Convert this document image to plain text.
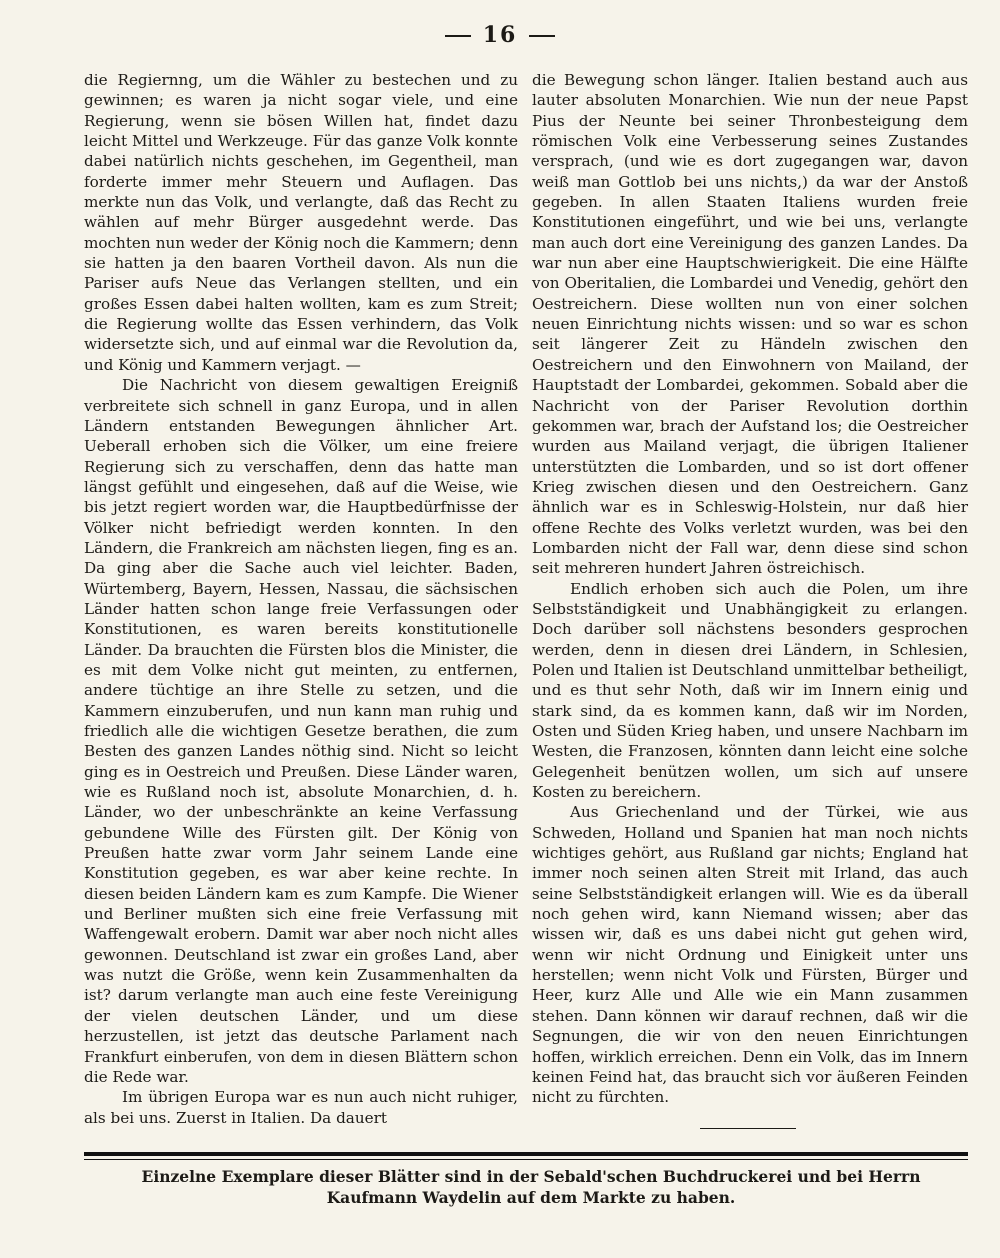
16

die Regiernng, um die Wähler zu bestechen und zu gewinnen; es waren ja nicht sogar viele, und eine Regierung, wenn sie bösen Willen hat, findet dazu leicht Mittel und Werkzeuge. Für das ganze Volk konnte dabei natürlich nichts geschehen, im Gegentheil, man forderte immer mehr Steuern und Auflagen. Das merkte nun das Volk, und verlangte, daß das Recht zu wählen auf mehr Bürger ausgedehnt werde. Das mochten nun weder der König noch die Kammern; denn sie hatten ja den baaren Vortheil davon. Als nun die Pariser aufs Neue das Verlangen stellten, und ein großes Essen dabei halten wollten, kam es zum Streit; die Regierung wollte das Essen verhindern, das Volk widersetzte sich, und auf einmal war die Revolution da, und König und Kammern verjagt. —

Die Nachricht von diesem gewaltigen Ereigniß verbreitete sich schnell in ganz Europa, und in allen Ländern entstanden Bewegungen ähnlicher Art. Ueberall erhoben sich die Völker, um eine freiere Regierung sich zu verschaffen, denn das hatte man längst gefühlt und eingesehen, daß auf die Weise, wie bis jetzt regiert worden war, die Hauptbedürfnisse der Völker nicht befriedigt werden konnten. In den Ländern, die Frankreich am nächsten liegen, fing es an. Da ging aber die Sache auch viel leichter. Baden, Würtemberg, Bayern, Hessen, Nassau, die sächsischen Länder hatten schon lange freie Verfassungen oder Konstitutionen, es waren bereits konstitutionelle Länder. Da brauchten die Fürsten blos die Minister, die es mit dem Volke nicht gut meinten, zu entfernen, andere tüchtige an ihre Stelle zu setzen, und die Kammern einzuberufen, und nun kann man ruhig und friedlich alle die wichtigen Gesetze berathen, die zum Besten des ganzen Landes nöthig sind. Nicht so leicht ging es in Oestreich und Preußen. Diese Länder waren, wie es Rußland noch ist, absolute Monarchien, d. h. Länder, wo der unbeschränkte an keine Verfassung gebundene Wille des Fürsten gilt. Der König von Preußen hatte zwar vorm Jahr seinem Lande eine Konstitution gegeben, es war aber keine rechte. In diesen beiden Ländern kam es zum Kampfe. Die Wiener und Berliner mußten sich eine freie Verfassung mit Waffengewalt erobern. Damit war aber noch nicht alles gewonnen. Deutschland ist zwar ein großes Land, aber was nutzt die Größe, wenn kein Zusammenhalten da ist? darum verlangte man auch eine feste Vereinigung der vielen deutschen Länder, und um diese herzustellen, ist jetzt das deutsche Parlament nach Frankfurt einberufen, von dem in diesen Blättern schon die Rede war.

Im übrigen Europa war es nun auch nicht ruhiger, als bei uns. Zuerst in Italien. Da dauert

die Bewegung schon länger. Italien bestand auch aus lauter absoluten Monarchien. Wie nun der neue Papst Pius der Neunte bei seiner Thronbesteigung dem römischen Volk eine Verbesserung seines Zustandes versprach, (und wie es dort zugegangen war, davon weiß man Gottlob bei uns nichts,) da war der Anstoß gegeben. In allen Staaten Italiens wurden freie Konstitutionen eingeführt, und wie bei uns, verlangte man auch dort eine Vereinigung des ganzen Landes. Da war nun aber eine Hauptschwierigkeit. Die eine Hälfte von Oberitalien, die Lombardei und Venedig, gehört den Oestreichern. Diese wollten nun von einer solchen neuen Einrichtung nichts wissen: und so war es schon seit längerer Zeit zu Händeln zwischen den Oestreichern und den Einwohnern von Mailand, der Hauptstadt der Lombardei, gekommen. Sobald aber die Nachricht von der Pariser Revolution dorthin gekommen war, brach der Aufstand los; die Oestreicher wurden aus Mailand verjagt, die übrigen Italiener unterstützten die Lombarden, und so ist dort offener Krieg zwischen diesen und den Oestreichern. Ganz ähnlich war es in Schleswig-Holstein, nur daß hier offene Rechte des Volks verletzt wurden, was bei den Lombarden nicht der Fall war, denn diese sind schon seit mehreren hundert Jahren östreichisch.

Endlich erhoben sich auch die Polen, um ihre Selbstständigkeit und Unabhängigkeit zu erlangen. Doch darüber soll nächstens besonders gesprochen werden, denn in diesen drei Ländern, in Schlesien, Polen und Italien ist Deutschland unmittelbar betheiligt, und es thut sehr Noth, daß wir im Innern einig und stark sind, da es kommen kann, daß wir im Norden, Osten und Süden Krieg haben, und unsere Nachbarn im Westen, die Franzosen, könnten dann leicht eine solche Gelegenheit benützen wollen, um sich auf unsere Kosten zu bereichern.

Aus Griechenland und der Türkei, wie aus Schweden, Holland und Spanien hat man noch nichts wichtiges gehört, aus Rußland gar nichts; England hat immer noch seinen alten Streit mit Irland, das auch seine Selbstständigkeit erlangen will. Wie es da überall noch gehen wird, kann Niemand wissen; aber das wissen wir, daß es uns dabei nicht gut gehen wird, wenn wir nicht Ordnung und Einigkeit unter uns herstellen; wenn nicht Volk und Fürsten, Bürger und Heer, kurz Alle und Alle wie ein Mann zusammen stehen. Dann können wir darauf rechnen, daß wir die Segnungen, die wir von den neuen Einrichtungen hoffen, wirklich erreichen. Denn ein Volk, das im Innern keinen Feind hat, das braucht sich vor äußeren Feinden nicht zu fürchten.

Einzelne Exemplare dieser Blätter sind in der Sebald'schen Buchdruckerei und bei Herrn Kaufmann Waydelin auf dem Markte zu haben.
